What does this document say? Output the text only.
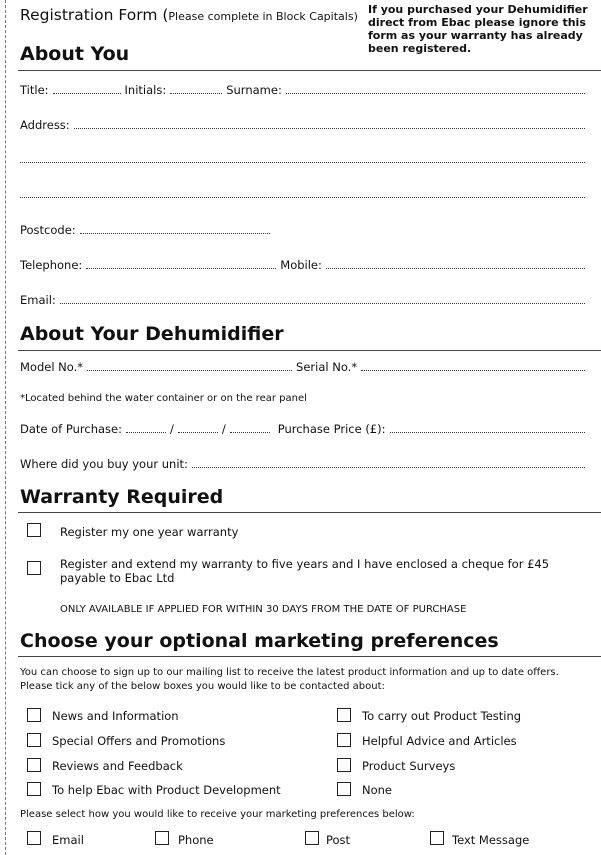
Registration Form (Please complete in Block Capitals)
If you purchased your Dehumidifier direct from Ebac please ignore this form as your warranty has already been registered.
About You
Title:	Initials:	Surname:
Address:
Postcode:
Telephone:	Mobile:
Email:
About Your Dehumidifier
Model No.*	Serial No.*
*Located behind the water container or on the rear panel
Date of Purchase:	/	/	Purchase Price (£):
Where did you buy your unit:
Warranty Required
Register my one year warranty
Register and extend my warranty to five years and I have enclosed a cheque for £45
payable to Ebac Ltd
ONLY AVAILABLE IF APPLIED FOR WITHIN 30 DAYS FROM THE DATE OF PURCHASE
Choose your optional marketing preferences
You can choose to sign up to our mailing list to receive the latest product information and up to date offers.
Please tick any of the below boxes you would like to be contacted about:
News and Information
Special Offers and Promotions
Reviews and Feedback
To help Ebac with Product Development
To carry out Product Testing
Helpful Advice and Articles
Product Surveys
None
Please select how you would like to receive your marketing preferences below:
Email	Phone	Post	Text Message
